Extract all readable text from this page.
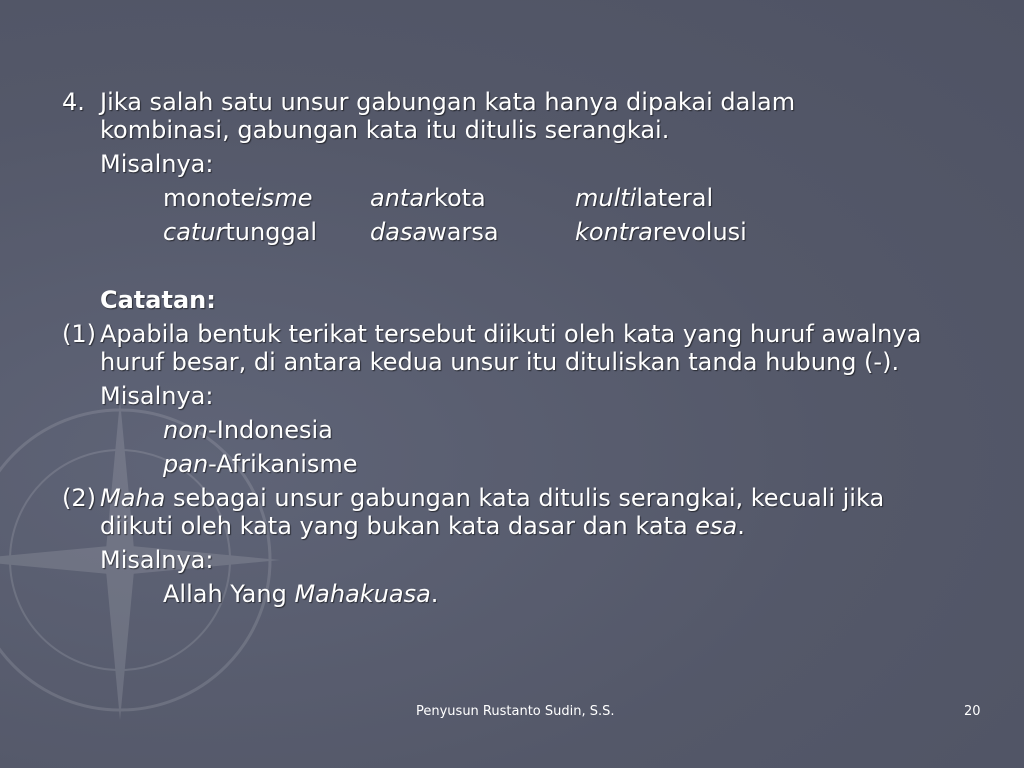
4. Jika salah satu unsur gabungan kata hanya dipakai dalam
kombinasi, gabungan kata itu ditulis serangkai.
Misalnya:
monoteisme antarkota	multilateral
caturtunggal dasawarsa	kontrarevolusi
Catatan:
(1) Apabila bentuk terikat tersebut diikuti oleh kata yang huruf awalnya
huruf besar, di antara kedua unsur itu dituliskan tanda hubung (-).
Misalnya:
non-Indonesia
pan-Afrikanisme
(2) Maha sebagai unsur gabungan kata ditulis serangkai, kecuali jika
diikuti oleh kata yang bukan kata dasar dan kata esa.
Misalnya:
Allah Yang Mahakuasa.
Penyusun Rustanto Sudin, S.S.	20
